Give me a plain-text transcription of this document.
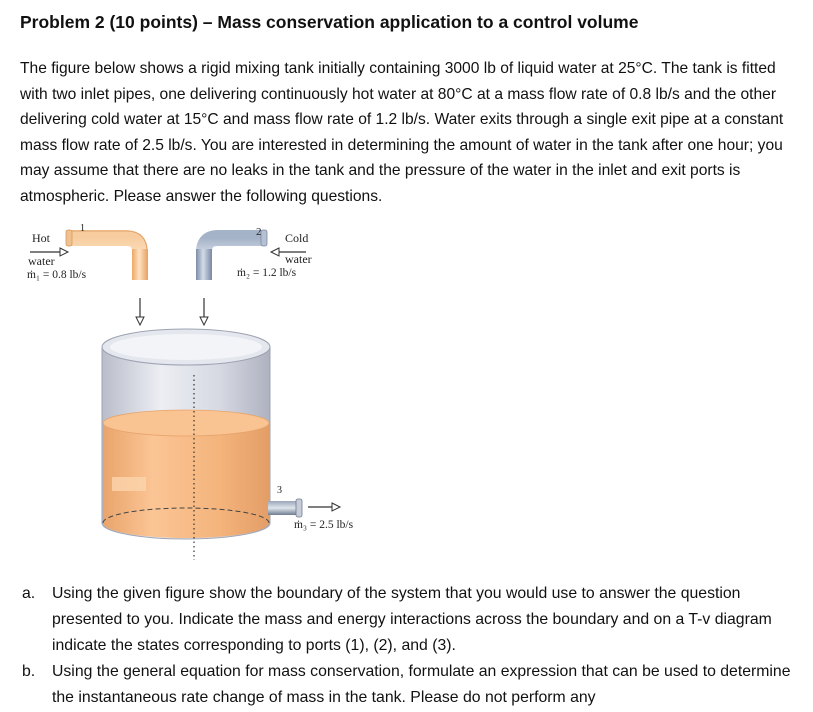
Problem 2 (10 points) – Mass conservation application to a control volume
The figure below shows a rigid mixing tank initially containing 3000 lb of liquid water at 25°C. The tank is fitted with two inlet pipes, one delivering continuously hot water at 80°C at a mass flow rate of 0.8 lb/s and the other delivering cold water at 15°C and mass flow rate of 1.2 lb/s. Water exits through a single exit pipe at a constant mass flow rate of 2.5 lb/s. You are interested in determining the amount of water in the tank after one hour; you may assume that there are no leaks in the tank and the pressure of the water in the inlet and exit ports is atmospheric. Please answer the following questions.
Hot
water
ṁ₁ = 0.8 lb/s
1	2 Cold
water
ṁ₂ = 1.2 lb/s
3
ṁ₃ = 2.5 lb/s
a. Using the given figure show the boundary of the system that you would use to answer the question presented to you. Indicate the mass and energy interactions across the boundary and on a T-v diagram indicate the states corresponding to ports (1), (2), and (3).
b. Using the general equation for mass conservation, formulate an expression that can be used to determine the instantaneous rate change of mass in the tank. Please do not perform any
